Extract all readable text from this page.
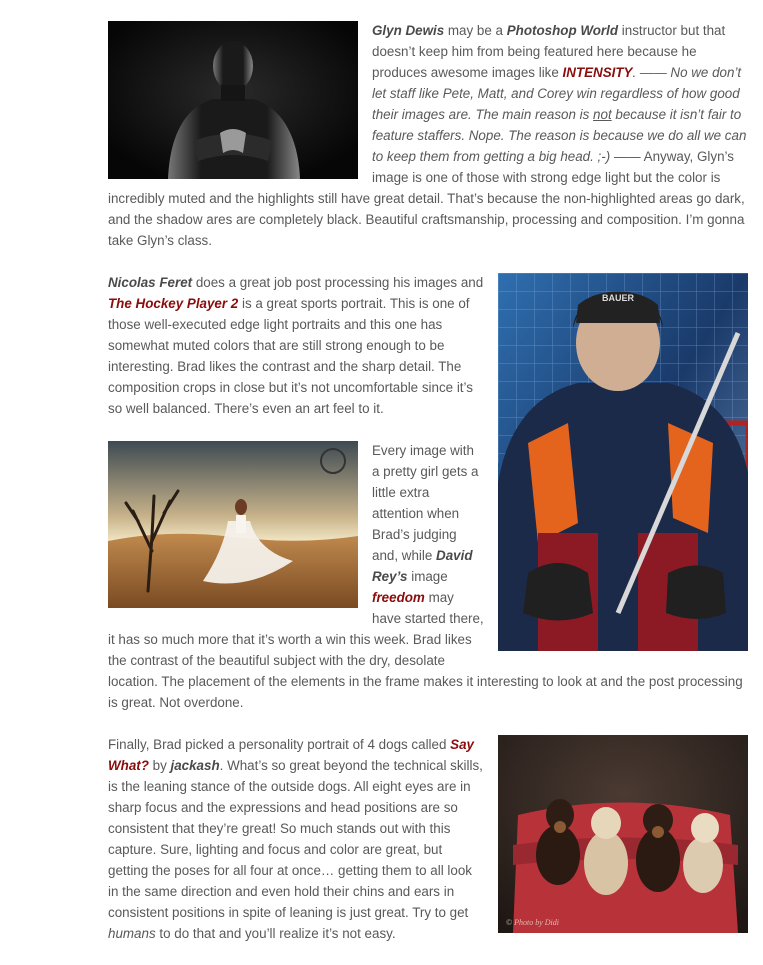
Glyn Dewis may be a Photoshop World instructor but that doesn’t keep him from being featured here because he produces awesome images like INTENSITY. —— No we don’t let staff like Pete, Matt, and Corey win regardless of how good their images are. The main reason is not because it isn’t fair to feature staffers. Nope. The reason is because we do all we can to keep them from getting a big head. ;-) —— Anyway, Glyn’s image is one of those with strong edge light but the color is incredibly muted and the highlights still have great detail. That’s because the non-highlighted areas go dark, and the shadow ares are completely black. Beautiful craftsmanship, processing and composition. I’m gonna take Glyn’s class.

BAUER
Nicolas Feret does a great job post processing his images and The Hockey Player 2 is a great sports portrait. This is one of those well-executed edge light portraits and this one has somewhat muted colors that are still strong enough to be interesting. Brad likes the contrast and the sharp detail. The composition crops in close but it’s not uncomfortable since it’s so well balanced. There’s even an art feel to it.

Every image with a pretty girl gets a little extra attention when Brad’s judging and, while David Rey’s image freedom may have started there, it has so much more that it’s worth a win this week. Brad likes the contrast of the beautiful subject with the dry, desolate location. The placement of the elements in the frame makes it interesting to look at and the post processing is great. Not overdone.

© Photo by Didi
Finally, Brad picked a personality portrait of 4 dogs called Say What? by jackash. What’s so great beyond the technical skills, is the leaning stance of the outside dogs. All eight eyes are in sharp focus and the expressions and head positions are so consistent that they’re great! So much stands out with this capture. Sure, lighting and focus and color are great, but getting the poses for all four at once… getting them to all look in the same direction and even hold their chins and ears in consistent positions in spite of leaning is just great. Try to get humans to do that and you’ll realize it’s not easy.
